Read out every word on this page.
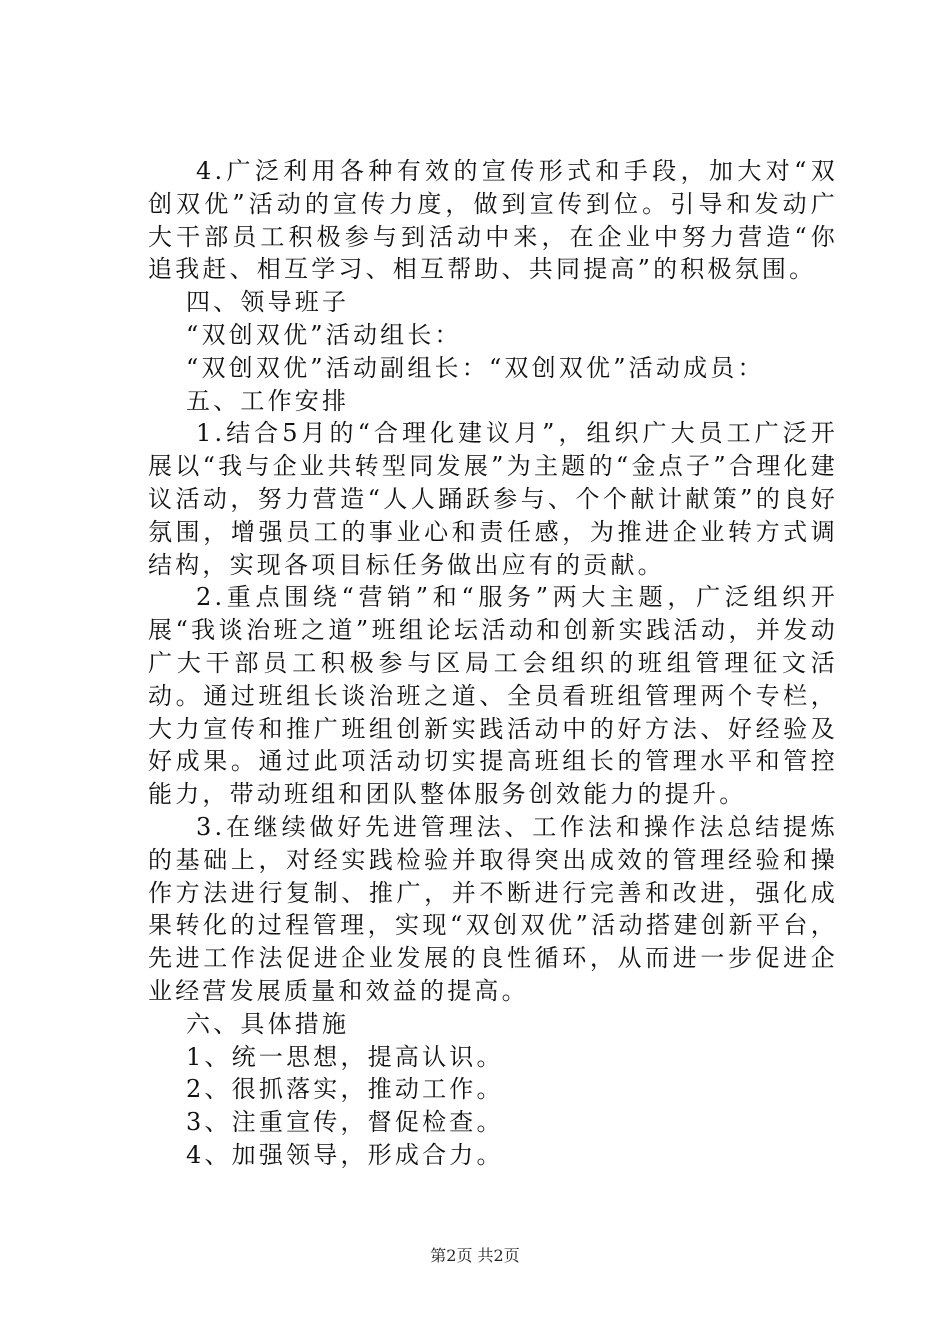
4.广泛利用各种有效的宣传形式和手段，加大对“双创双优”活动的宣传力度，做到宣传到位。引导和发动广大干部员工积极参与到活动中来，在企业中努力营造“你追我赶、相互学习、相互帮助、共同提高”的积极氛围。

四、领导班子

“双创双优”活动组长：

“双创双优”活动副组长：“双创双优”活动成员：

五、工作安排

1.结合5月的“合理化建议月”，组织广大员工广泛开展以“我与企业共转型同发展”为主题的“金点子”合理化建议活动，努力营造“人人踊跃参与、个个献计献策”的良好氛围，增强员工的事业心和责任感，为推进企业转方式调结构，实现各项目标任务做出应有的贡献。

2.重点围绕“营销”和“服务”两大主题，广泛组织开展“我谈治班之道”班组论坛活动和创新实践活动，并发动广大干部员工积极参与区局工会组织的班组管理征文活动。通过班组长谈治班之道、全员看班组管理两个专栏，大力宣传和推广班组创新实践活动中的好方法、好经验及好成果。通过此项活动切实提高班组长的管理水平和管控能力，带动班组和团队整体服务创效能力的提升。

3.在继续做好先进管理法、工作法和操作法总结提炼的基础上，对经实践检验并取得突出成效的管理经验和操作方法进行复制、推广，并不断进行完善和改进，强化成果转化的过程管理，实现“双创双优”活动搭建创新平台，先进工作法促进企业发展的良性循环，从而进一步促进企业经营发展质量和效益的提高。

六、具体措施

1、统一思想，提高认识。

2、很抓落实，推动工作。

3、注重宣传，督促检查。

4、加强领导，形成合力。

第2页 共2页
